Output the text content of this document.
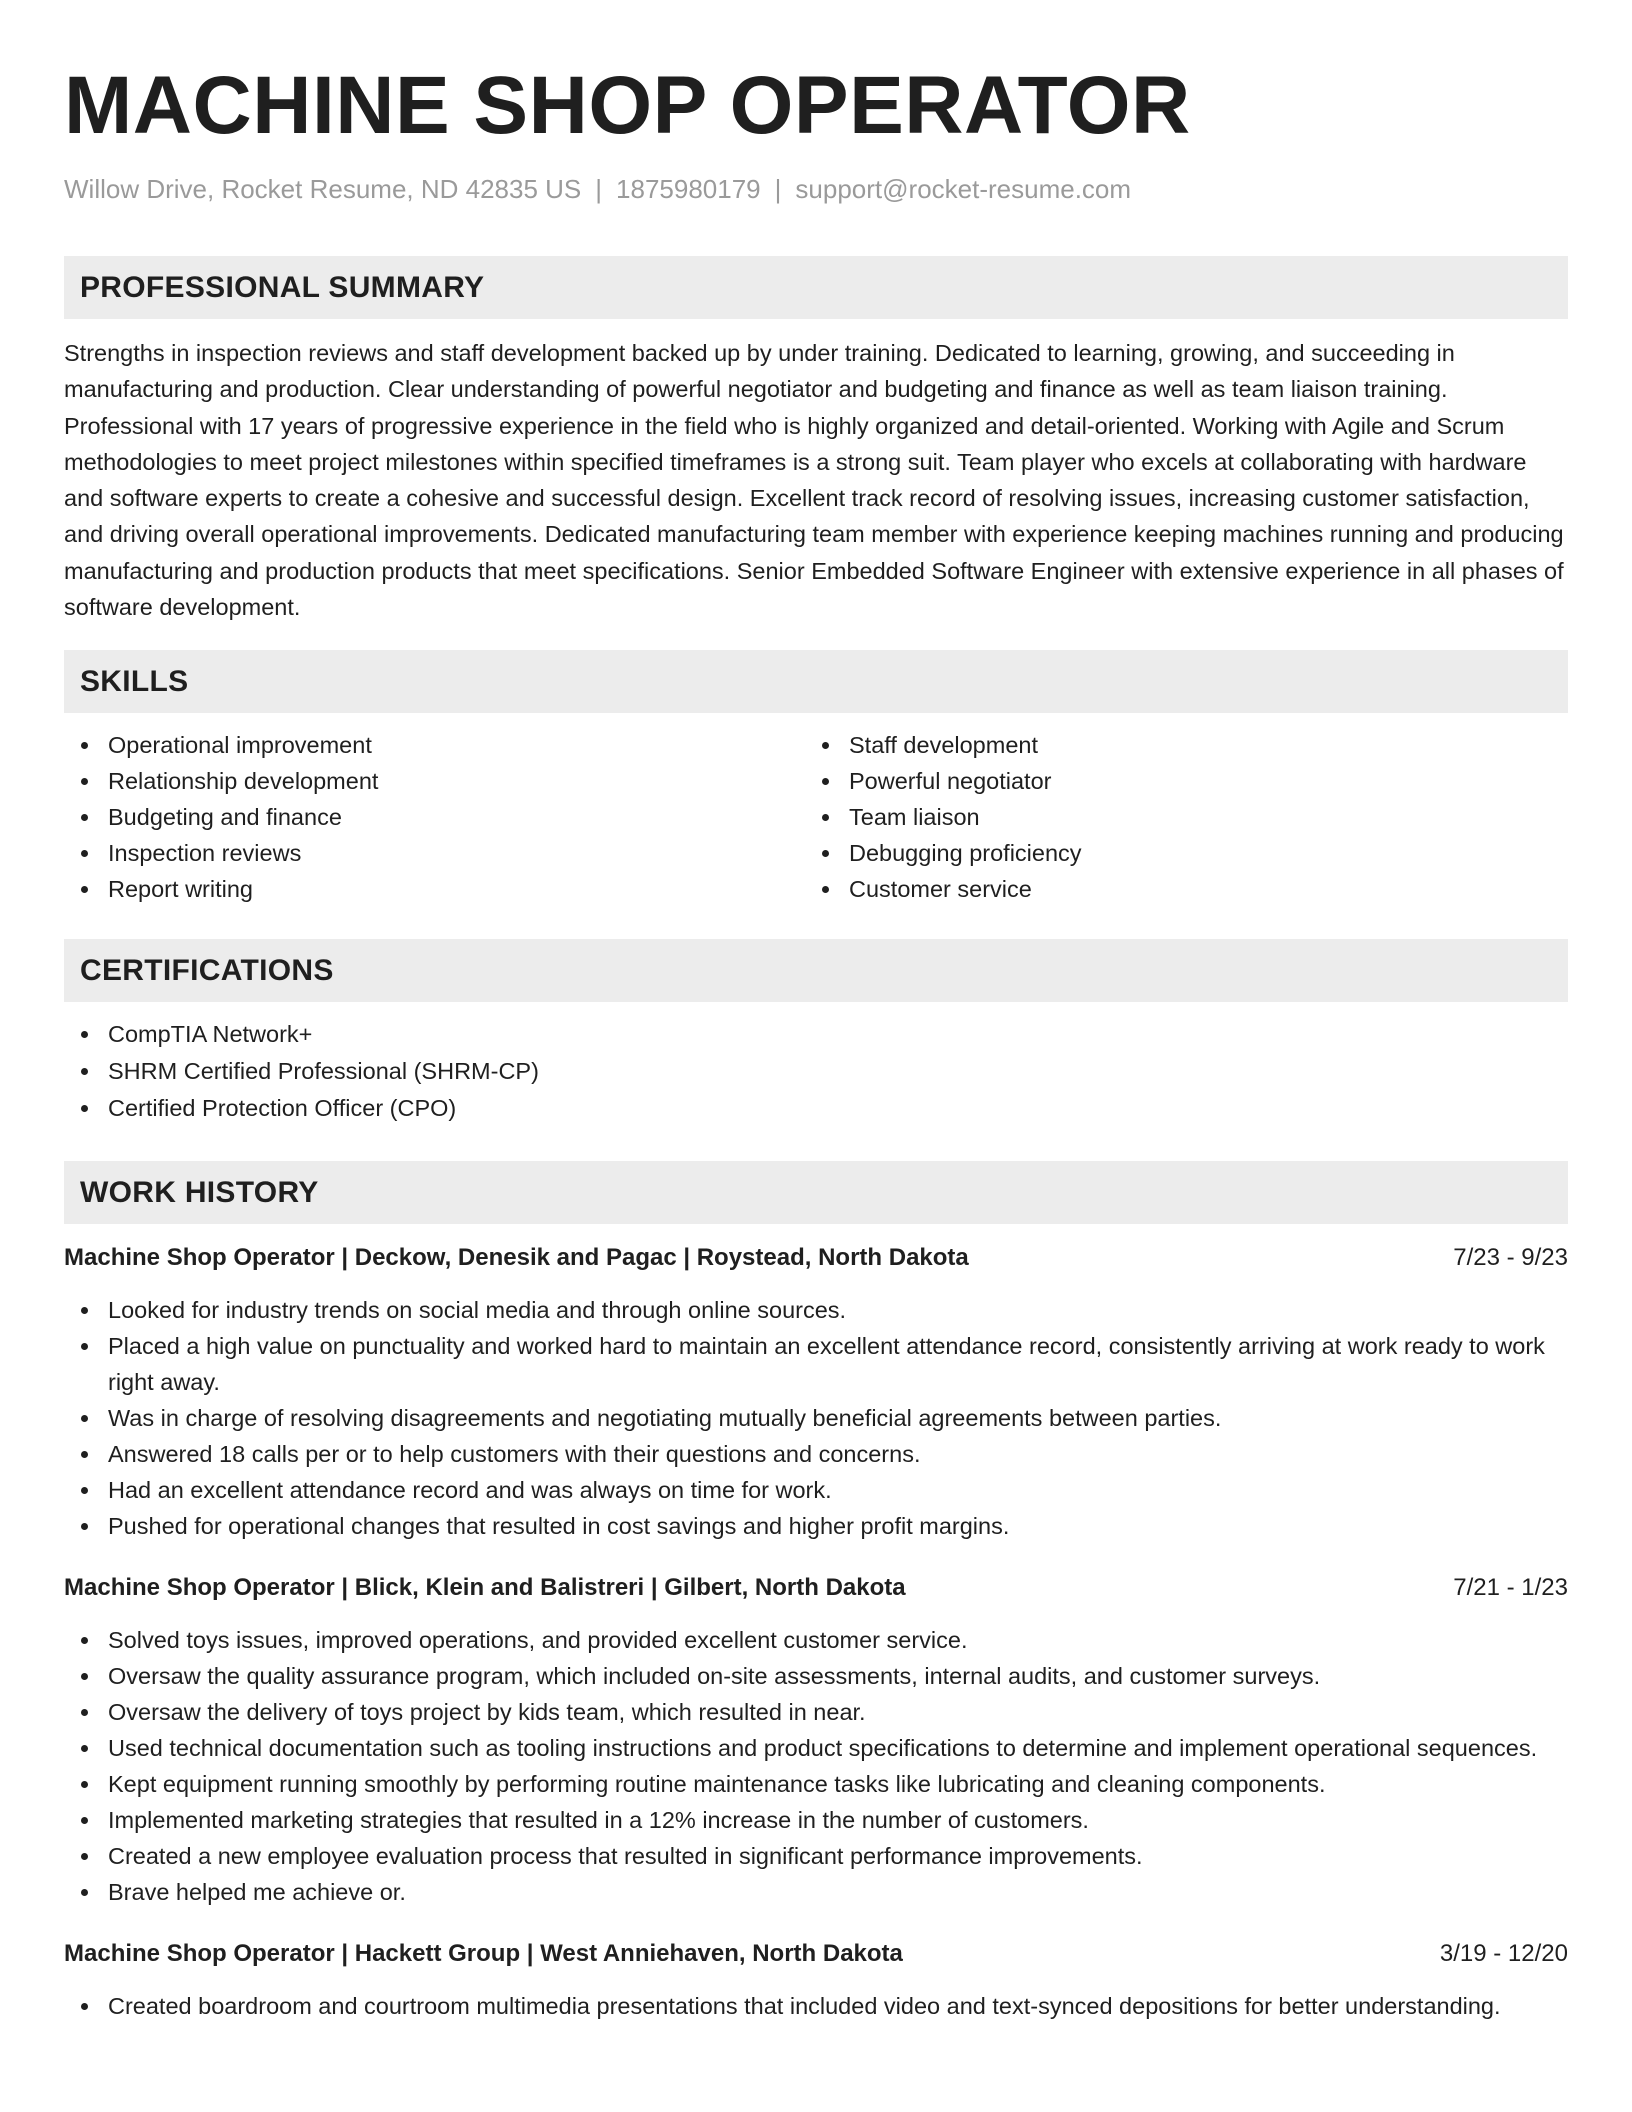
MACHINE SHOP OPERATOR
Willow Drive, Rocket Resume, ND 42835 US | 1875980179 | support@rocket-resume.com
PROFESSIONAL SUMMARY
Strengths in inspection reviews and staff development backed up by under training. Dedicated to learning, growing, and succeeding in manufacturing and production. Clear understanding of powerful negotiator and budgeting and finance as well as team liaison training. Professional with 17 years of progressive experience in the field who is highly organized and detail-oriented. Working with Agile and Scrum methodologies to meet project milestones within specified timeframes is a strong suit. Team player who excels at collaborating with hardware and software experts to create a cohesive and successful design. Excellent track record of resolving issues, increasing customer satisfaction, and driving overall operational improvements. Dedicated manufacturing team member with experience keeping machines running and producing manufacturing and production products that meet specifications. Senior Embedded Software Engineer with extensive experience in all phases of software development.
SKILLS
Operational improvement
Relationship development
Budgeting and finance
Inspection reviews
Report writing
Staff development
Powerful negotiator
Team liaison
Debugging proficiency
Customer service
CERTIFICATIONS
CompTIA Network+
SHRM Certified Professional (SHRM-CP)
Certified Protection Officer (CPO)
WORK HISTORY
Machine Shop Operator | Deckow, Denesik and Pagac | Roystead, North Dakota	7/23 - 9/23
Looked for industry trends on social media and through online sources.
Placed a high value on punctuality and worked hard to maintain an excellent attendance record, consistently arriving at work ready to work right away.
Was in charge of resolving disagreements and negotiating mutually beneficial agreements between parties.
Answered 18 calls per or to help customers with their questions and concerns.
Had an excellent attendance record and was always on time for work.
Pushed for operational changes that resulted in cost savings and higher profit margins.
Machine Shop Operator | Blick, Klein and Balistreri | Gilbert, North Dakota	7/21 - 1/23
Solved toys issues, improved operations, and provided excellent customer service.
Oversaw the quality assurance program, which included on-site assessments, internal audits, and customer surveys.
Oversaw the delivery of toys project by kids team, which resulted in near.
Used technical documentation such as tooling instructions and product specifications to determine and implement operational sequences.
Kept equipment running smoothly by performing routine maintenance tasks like lubricating and cleaning components.
Implemented marketing strategies that resulted in a 12% increase in the number of customers.
Created a new employee evaluation process that resulted in significant performance improvements.
Brave helped me achieve or.
Machine Shop Operator | Hackett Group | West Anniehaven, North Dakota	3/19 - 12/20
Created boardroom and courtroom multimedia presentations that included video and text-synced depositions for better understanding.
